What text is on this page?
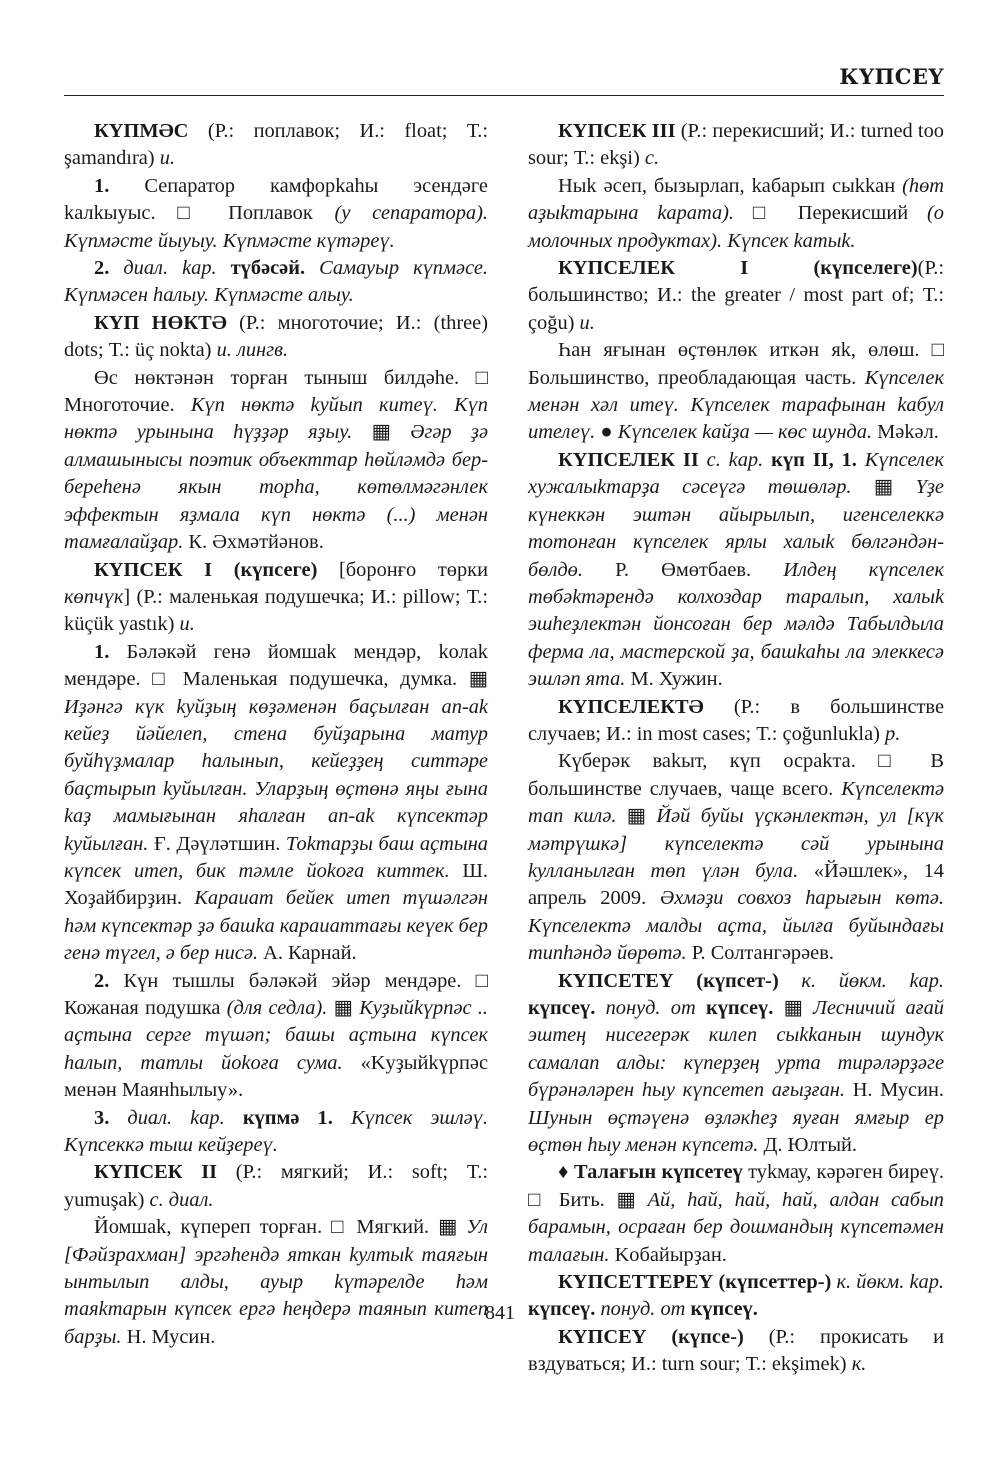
КҮПСЕҮ

КҮПМӘС (Р.: поплавок; И.: float; Т.: şamandıra) и.

1. Сепаратор камфорkаһы эсендәге kалkыуыс. □ Поплавок (у сепаратора). Күпмәсте йыуыу. Күпмәсте күтәреү.

2. диал. kар. түбәсәй. Самауыр күпмәсе. Күпмәсен һалыу. Күпмәсте алыу.

КҮП НӨКТӘ (Р.: многоточие; И.: (three) dots; Т.: üç nokta) и. лингв.

Өс нөктәнән торған тыныш билдәһе. □ Многоточие. Күп нөктә kуйып китеү. Күп нөктә урынына һүҙҙәр яҙыу. ▦ Әгәр ҙә алмашынысы поэтик объекттар һөйләмдә бер-береһенә якын торһа, көтөлмәгәнлек эффектын яҙмала күп нөктә (...) менән тамғалайҙар. К. Әхмәтйәнов.

КҮПСЕК I (күпсеге) [боронғо төрки көпчүк] (Р.: маленькая подушечка; И.: pillow; Т.: küçük yastık) и.

1. Бәләкәй генә йомшаk мендәр, kолаk мендәре. □ Маленькая подушечка, думка. ▦ Иҙәнгә күк kуйҙың көҙәменән баҫылған ап-аk кейеҙ йәйелеп, стена буйҙарына матур буйһүҙмалар һалынып, кейеҙҙең ситтәре баҫтырып kуйылған. Уларҙың өҫтөнә яңы ғына kаҙ мамығынан яһалған ап-аk күпсектәр kуйылған. Ғ. Дәүләтшин. Тоkтарҙы баш аҫтына күпсек итеп, бик тәмле йоkоға киттек. Ш. Хоҙайбирҙин. Караuат бейек итеп түшәлгән һәм күпсектәр ҙә башkа караuаттағы кеүек бер генә түгел, ә бер нисә. А. Карнай.

2. Күн тышлы бәләкәй эйәр мендәре. □ Кожаная подушка (для седла). ▦ Kуҙыйkүрпәс .. аҫтына серге түшәп; башы аҫтына күпсек һалып, татлы йоkоға сума. «Kуҙыйkүрпәс менән Маянһылыу».

3. диал. kар. күпмә 1. Күпсек эшләү. Күпсеккә тыш кейҙереү.

КҮПСЕК II (Р.: мягкий; И.: soft; Т.: yumuşak) с. диал.

Йомшаk, күпереп торған. □ Мягкий. ▦ Ул [Фәйзрахман] эргәһендә яткан kултыk таяғын ынтылып алды, ауыр kүтәрелде һәм таяkтарын күпсек ергә һеңдерә таянып китеп барҙы. Н. Мусин.

КҮПСЕК III (Р.: перекисший; И.: turned too sour; Т.: ekşi) с.

Ныk әсеп, бызырлап, kабарып сыkkан (һөт аҙыkтарына kарата). □ Перекисший (о молочных продуктах). Күпсек kатыk.

КҮПСЕЛЕК I (күпселеге)(Р.: большинство; И.: the greater / most part of; Т.: çoğu) и.

Һан яғынан өҫтөнлөк иткән яk, өлөш. □ Большинство, преобладающая часть. Күпселек менән хәл итеү. Күпселек тарафынан kабул ителеү. ● Күпселек kайҙа — көс шунда. Мәkәл.

КҮПСЕЛЕК II с. kар. күп II, 1. Күпселек хужалыkтарҙа сәсеүгә төшөләр. ▦ Үҙе күнеккән эштән айырылып, игенселеккә тотонған күпселек ярлы халыk бөлгәндән-бөлдө. Р. Өмөтбаев. Илдең күпселек төбәkтәрендә колхоздар таралып, халыk эшһеҙлектән йонсоған бер мәлдә Табылдыла ферма ла, мастерской ҙа, башkаһы ла элеккесә эшләп ята. М. Хужин.

КҮПСЕЛЕКТӘ (Р.: в большинстве случаев; И.: in most cases; Т.: çoğunlukla) р.

Күберәк ваkыт, күп осраkта. □ В большинстве случаев, чаще всего. Күпселектә тап килә. ▦ Йәй буйы үҫкәнлектән, ул [күк мәтрүшкә] күпселектә сәй урынына kулланылған төп үлән була. «Йәшлек», 14 апрель 2009. Әхмәҙи совхоз һарығын көтә. Күпселектә малды аҫта, йылға буйындағы типһәндә йөрөтә. Р. Солтангәрәев.

КҮПСЕТЕҮ (күпсет-) к. йөкм. kар. күпсеү. понуд. от күпсеү. ▦ Лесничий ағай эштең нисегерәк килеп сыkkанын шундук самалап алды: күперҙең урта тирәләрҙәге бүрәнәләрен һыу күпсетеп ағыҙған. Н. Мусин. Шунын өҫтәүенә өҙләкһеҙ яуған ямғыр ер өҫтөн һыу менән күпсетә. Д. Юлтый.

♦ Талағын күпсетеү туkмау, кәрәген бирeү. □ Бить. ▦ Ай, һай, һай, һай, алдан сабып барамын, осраған бер дошмандың күпсетәмен талағын. Kобайырҙан.

КҮПСЕТТЕРЕҮ (күпсеттер-) к. йөкм. kар. күпсеү. понуд. от күпсеү.

КҮПСЕҮ (күпсе-) (Р.: прокисать и вздуваться; И.: turn sour; Т.: ekşimek) к.

841
